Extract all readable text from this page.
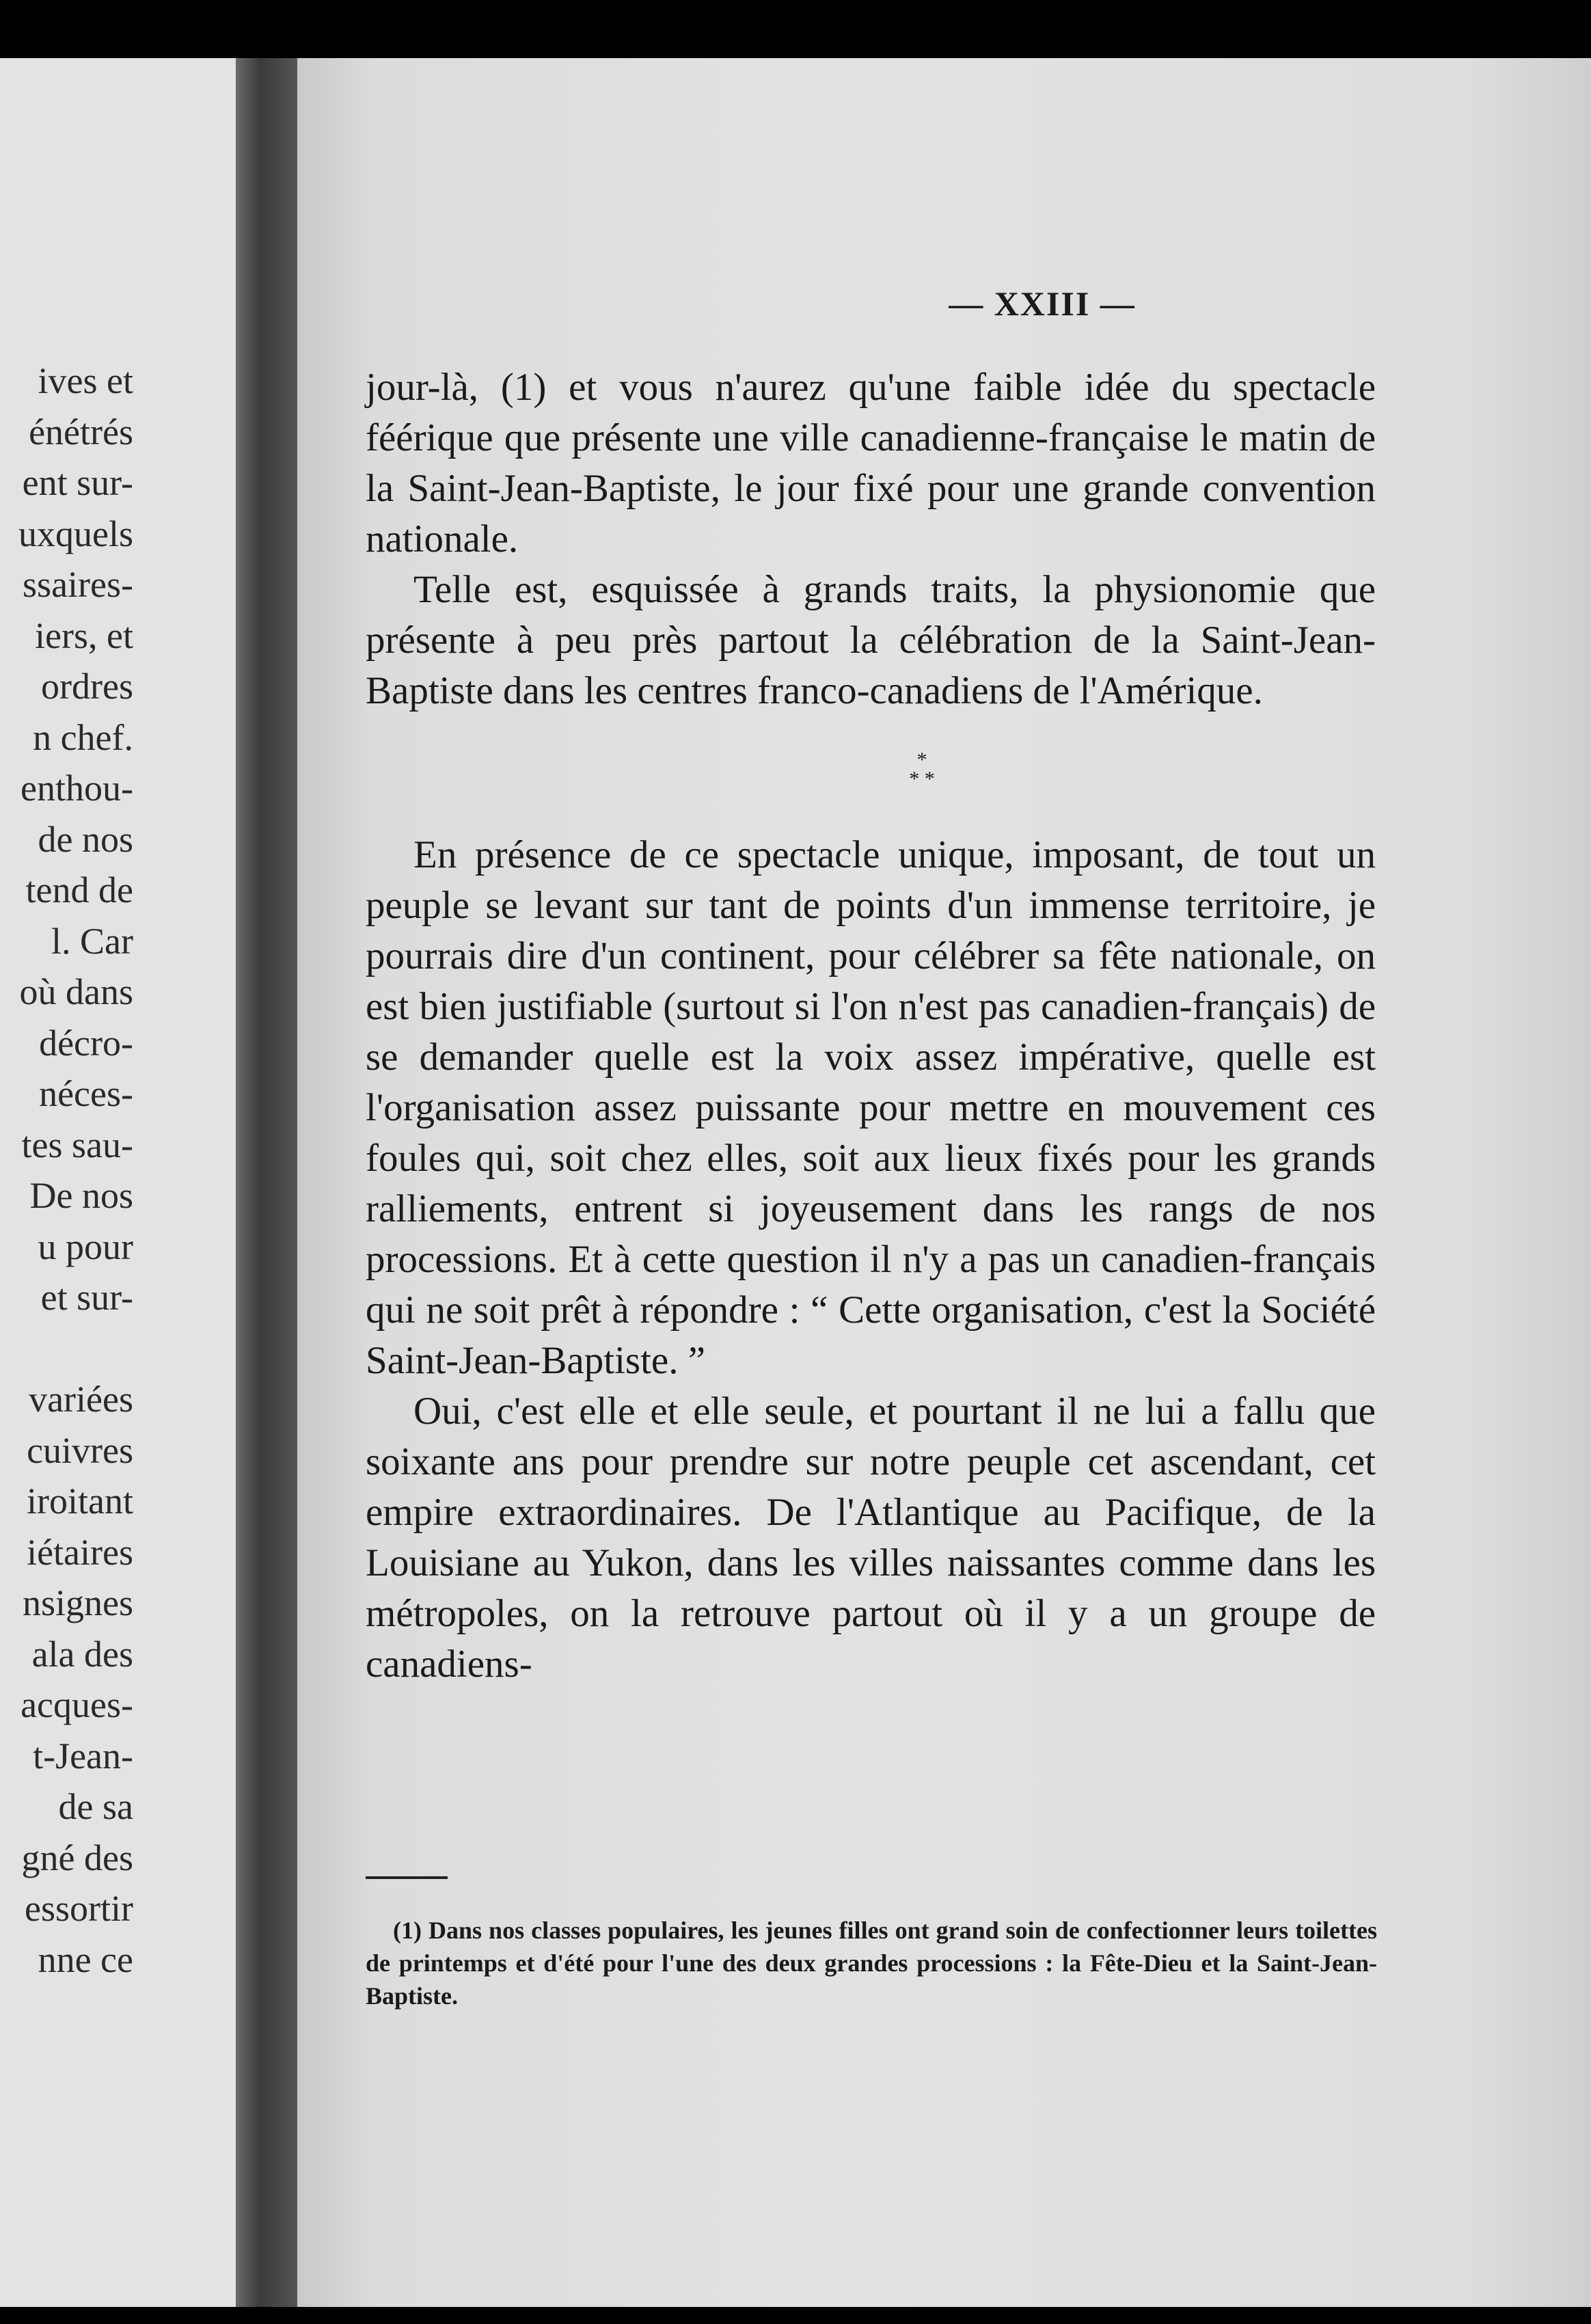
ives et
énétrés
ent sur-
uxquels
ssaires-
iers, et
ordres
n chef.
enthou-
de nos
tend de
l. Car
où dans
décro-
néces-
tes sau-
De nos
u pour
et sur-

variées
cuivres
iroitant
iétaires
nsignes
ala des
acques-
t-Jean-
de sa
gné des
essortir
nne ce
— XXIII —

jour-là, (1) et vous n'aurez qu'une faible idée du spectacle féérique que présente une ville canadienne-française le matin de la Saint-Jean-Baptiste, le jour fixé pour une grande convention nationale.

Telle est, esquissée à grands traits, la physionomie que présente à peu près partout la célébration de la Saint-Jean-Baptiste dans les centres franco-canadiens de l'Amérique.

*
* *

En présence de ce spectacle unique, imposant, de tout un peuple se levant sur tant de points d'un immense territoire, je pourrais dire d'un continent, pour célébrer sa fête nationale, on est bien justifiable (surtout si l'on n'est pas canadien-français) de se demander quelle est la voix assez impérative, quelle est l'organisation assez puissante pour mettre en mouvement ces foules qui, soit chez elles, soit aux lieux fixés pour les grands ralliements, entrent si joyeusement dans les rangs de nos processions. Et à cette question il n'y a pas un canadien-français qui ne soit prêt à répondre : “ Cette organisation, c'est la Société Saint-Jean-Baptiste. ”

Oui, c'est elle et elle seule, et pourtant il ne lui a fallu que soixante ans pour prendre sur notre peuple cet ascendant, cet empire extraordinaires. De l'Atlantique au Pacifique, de la Louisiane au Yukon, dans les villes naissantes comme dans les métropoles, on la retrouve partout où il y a un groupe de canadiens-

(1) Dans nos classes populaires, les jeunes filles ont grand soin de confectionner leurs toilettes de printemps et d'été pour l'une des deux grandes processions : la Fête-Dieu et la Saint-Jean-Baptiste.
